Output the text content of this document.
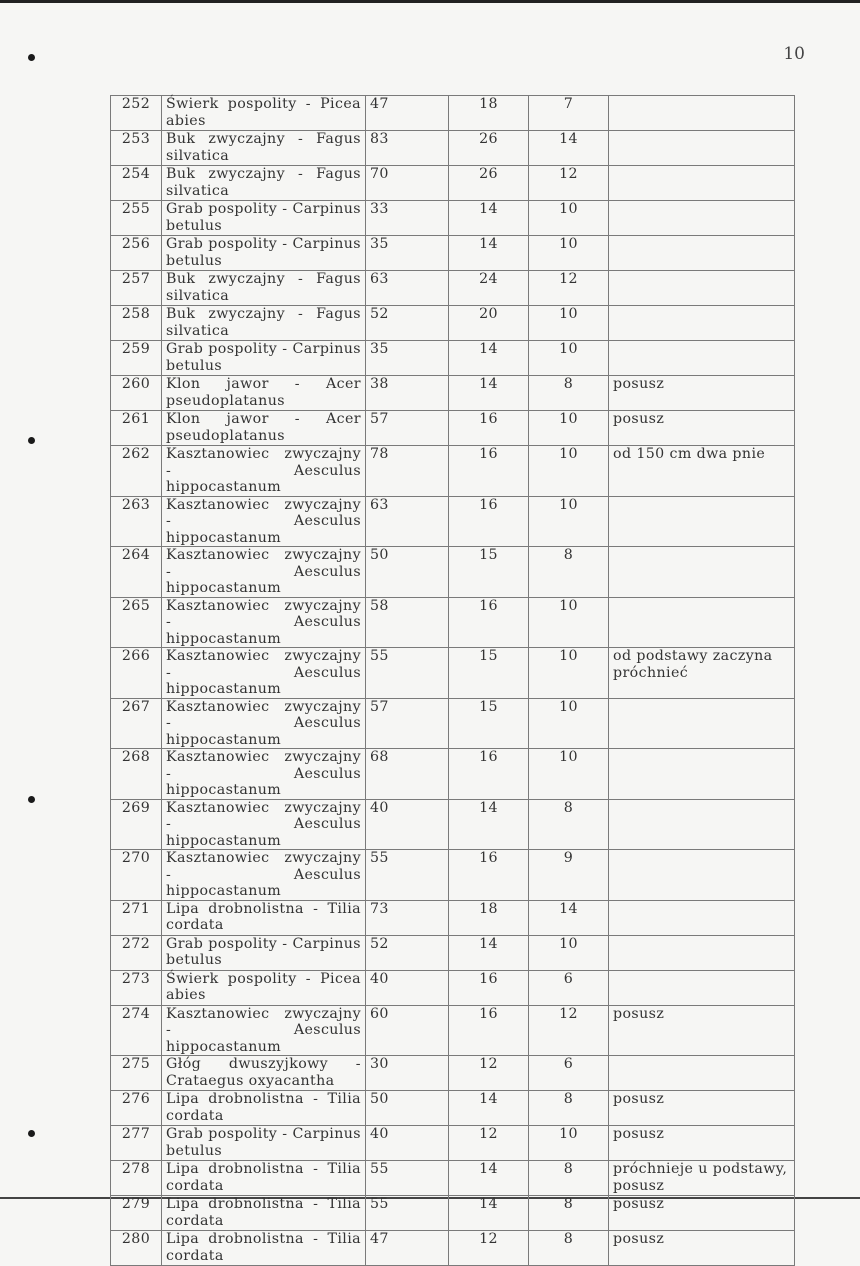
10
252	Świerk pospolity - Picea abies	47	18	7	
253	Buk zwyczajny - Fagus silvatica	83	26	14	
254	Buk zwyczajny - Fagus silvatica	70	26	12	
255	Grab pospolity - Carpinus betulus	33	14	10	
256	Grab pospolity - Carpinus betulus	35	14	10	
257	Buk zwyczajny - Fagus silvatica	63	24	12	
258	Buk zwyczajny - Fagus silvatica	52	20	10	
259	Grab pospolity - Carpinus betulus	35	14	10	
260	Klon jawor - Acer pseudoplatanus	38	14	8	posusz
261	Klon jawor - Acer pseudoplatanus	57	16	10	posusz
262	Kasztanowiec zwyczajny - Aesculus hippocastanum	78	16	10	od 150 cm dwa pnie
263	Kasztanowiec zwyczajny - Aesculus hippocastanum	63	16	10	
264	Kasztanowiec zwyczajny - Aesculus hippocastanum	50	15	8	
265	Kasztanowiec zwyczajny - Aesculus hippocastanum	58	16	10	
266	Kasztanowiec zwyczajny - Aesculus hippocastanum	55	15	10	od podstawy zaczyna próchnieć
267	Kasztanowiec zwyczajny - Aesculus hippocastanum	57	15	10	
268	Kasztanowiec zwyczajny - Aesculus hippocastanum	68	16	10	
269	Kasztanowiec zwyczajny - Aesculus hippocastanum	40	14	8	
270	Kasztanowiec zwyczajny - Aesculus hippocastanum	55	16	9	
271	Lipa drobnolistna - Tilia cordata	73	18	14	
272	Grab pospolity - Carpinus betulus	52	14	10	
273	Świerk pospolity - Picea abies	40	16	6	
274	Kasztanowiec zwyczajny - Aesculus hippocastanum	60	16	12	posusz
275	Głóg dwuszyjkowy - Crataegus oxyacantha	30	12	6	
276	Lipa drobnolistna - Tilia cordata	50	14	8	posusz
277	Grab pospolity - Carpinus betulus	40	12	10	posusz
278	Lipa drobnolistna - Tilia cordata	55	14	8	próchnieje u podstawy, posusz
279	Lipa drobnolistna - Tilia cordata	55	14	8	posusz
280	Lipa drobnolistna - Tilia cordata	47	12	8	posusz
